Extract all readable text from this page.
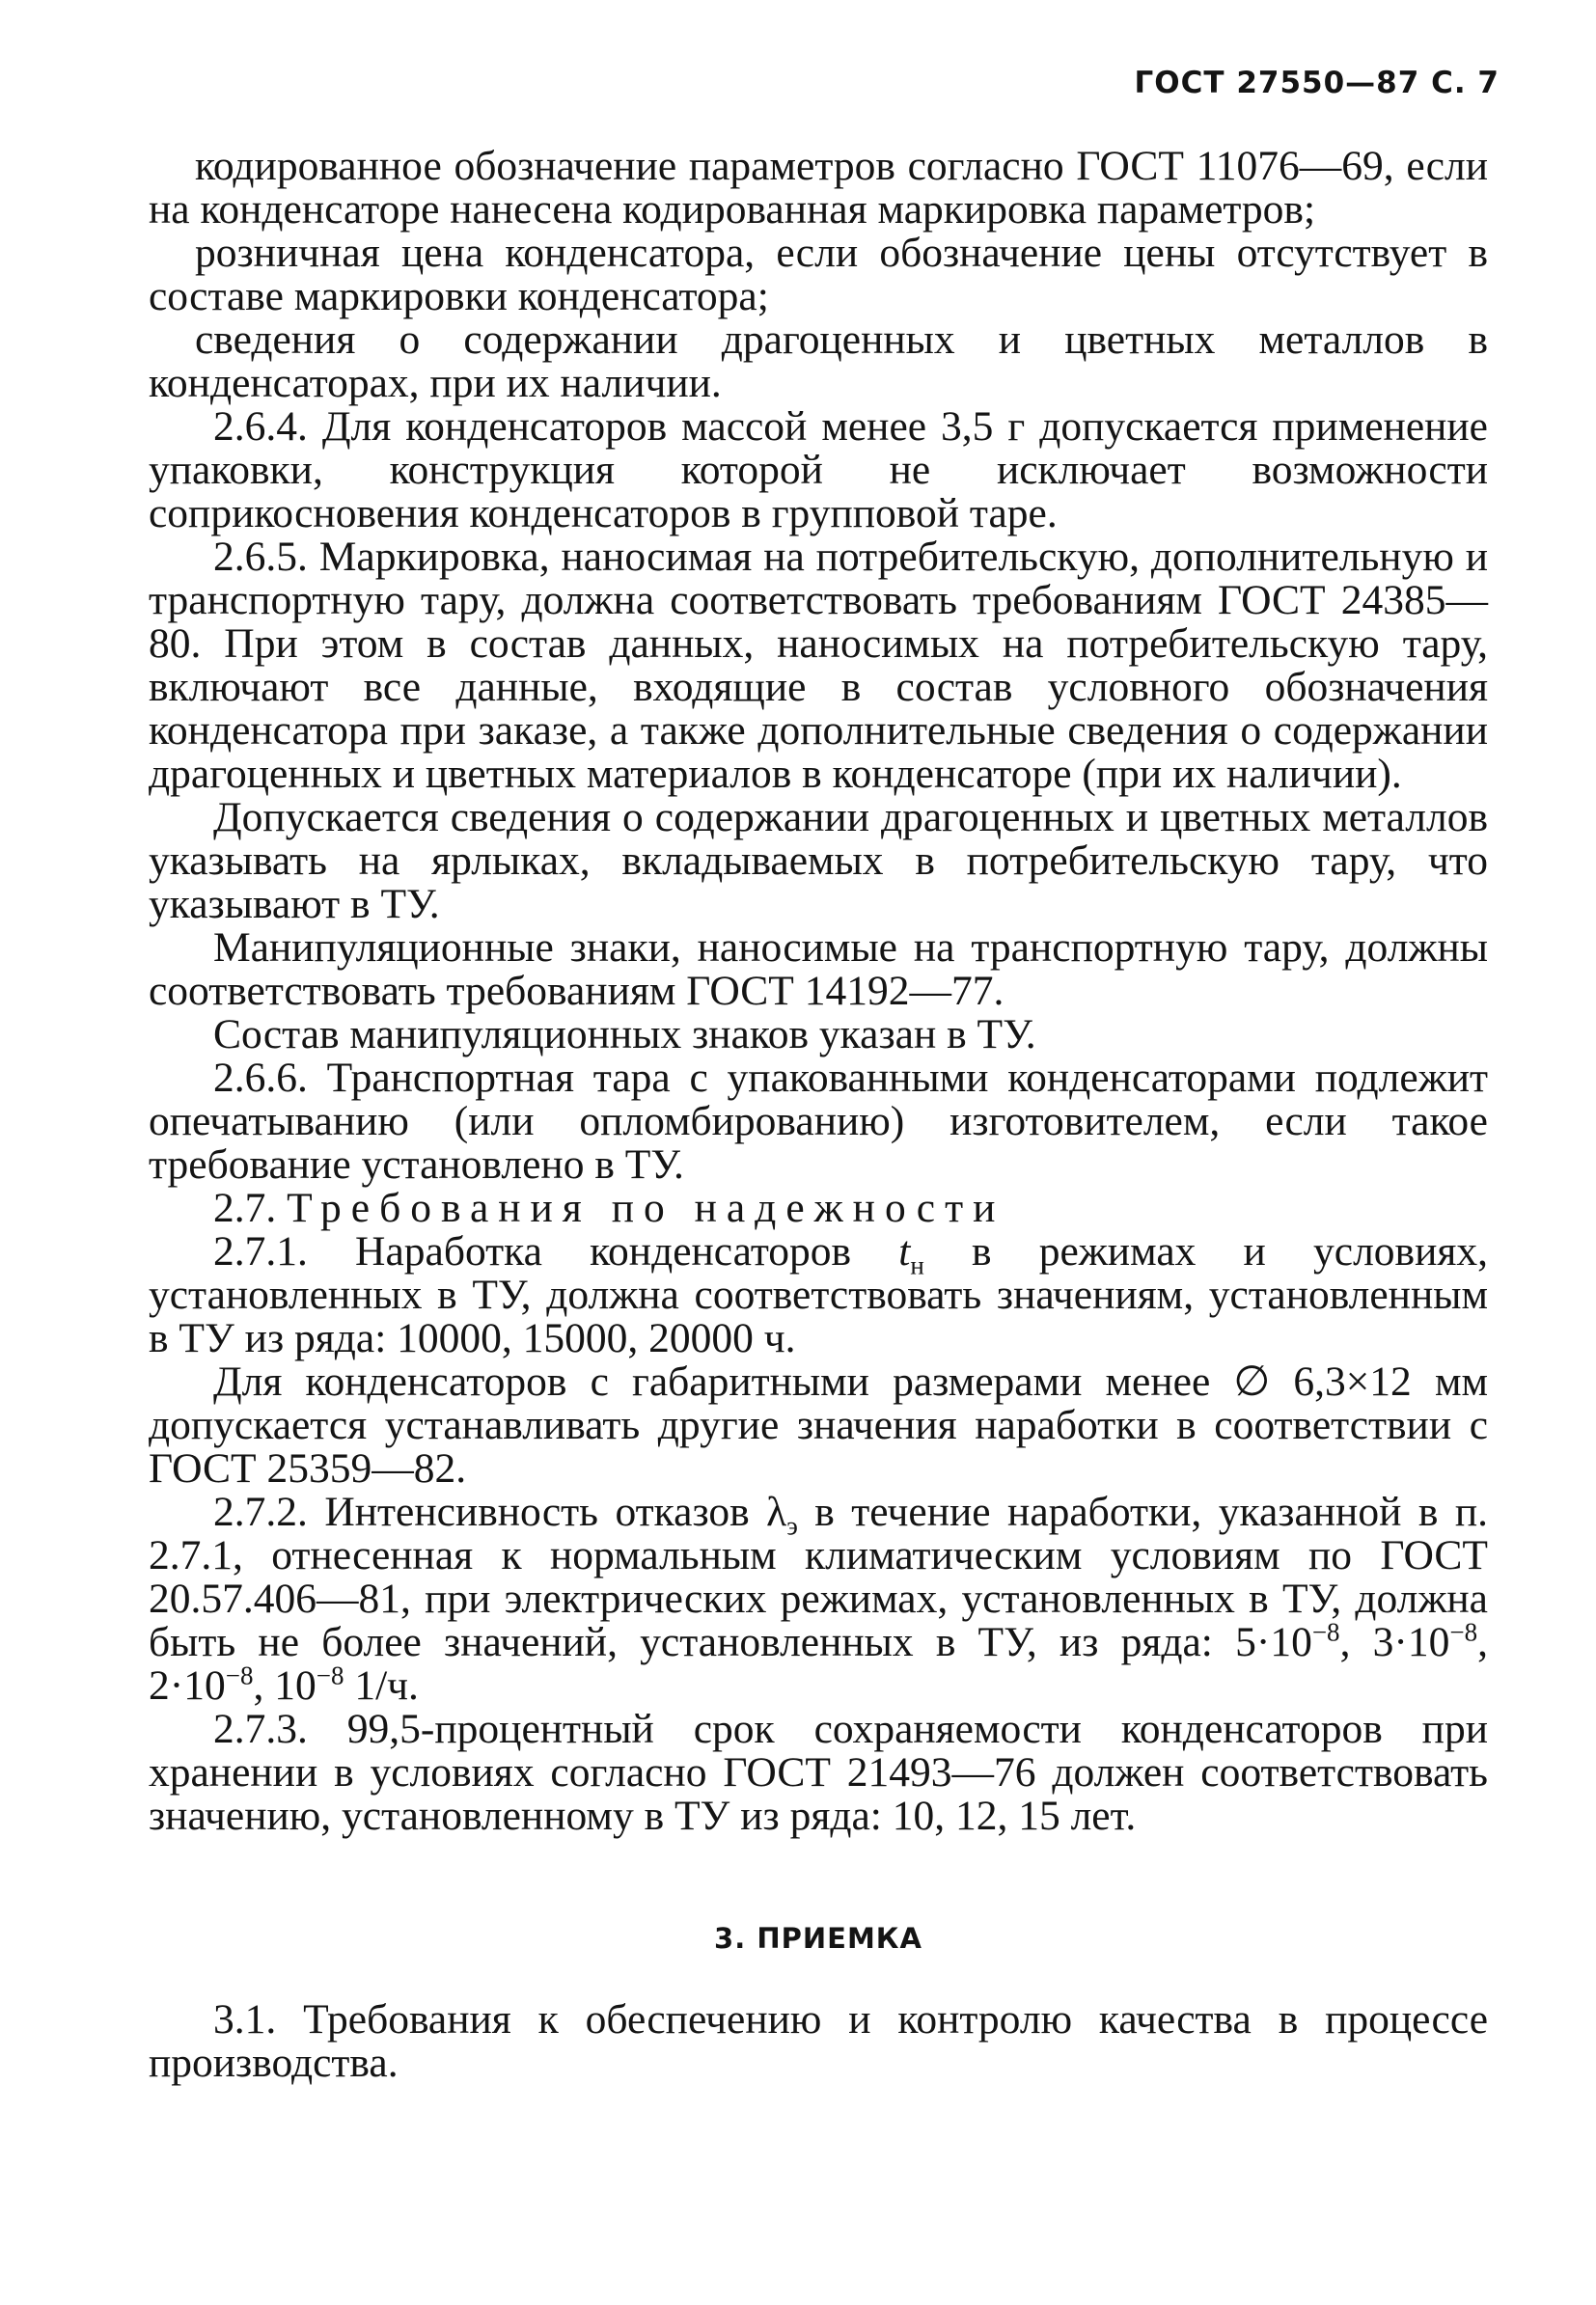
ГОСТ 27550—87 С. 7

кодированное обозначение параметров согласно ГОСТ 11076—69, если на конденсаторе нанесена кодированная маркировка параметров;

розничная цена конденсатора, если обозначение цены отсутствует в составе маркировки конденсатора;

сведения о содержании драгоценных и цветных металлов в конденсаторах, при их наличии.

2.6.4. Для конденсаторов массой менее 3,5 г допускается применение упаковки, конструкция которой не исключает возможности соприкосновения конденсаторов в групповой таре.

2.6.5. Маркировка, наносимая на потребительскую, дополнительную и транспортную тару, должна соответствовать требованиям ГОСТ 24385—80. При этом в состав данных, наносимых на потребительскую тару, включают все данные, входящие в состав условного обозначения конденсатора при заказе, а также дополнительные сведения о содержании драгоценных и цветных материалов в конденсаторе (при их наличии).

Допускается сведения о содержании драгоценных и цветных металлов указывать на ярлыках, вкладываемых в потребительскую тару, что указывают в ТУ.

Манипуляционные знаки, наносимые на транспортную тару, должны соответствовать требованиям ГОСТ 14192—77.

Состав манипуляционных знаков указан в ТУ.

2.6.6. Транспортная тара с упакованными конденсаторами подлежит опечатыванию (или опломбированию) изготовителем, если такое требование установлено в ТУ.

2.7. Требования по надежности

2.7.1. Наработка конденсаторов $t_н$ в режимах и условиях, установленных в ТУ, должна соответствовать значениям, установленным в ТУ из ряда: 10000, 15000, 20000 ч.

Для конденсаторов с габаритными размерами менее ∅ 6,3×12 мм допускается устанавливать другие значения наработки в соответствии с ГОСТ 25359—82.

2.7.2. Интенсивность отказов $\lambda_э$ в течение наработки, указанной в п. 2.7.1, отнесенная к нормальным климатическим условиям по ГОСТ 20.57.406—81, при электрических режимах, установленных в ТУ, должна быть не более значений, установленных в ТУ, из ряда: $5\cdot 10^{-8}$, $3\cdot 10^{-8}$, $2\cdot 10^{-8}$, $10^{-8}$ 1/ч.

2.7.3. 99,5-процентный срок сохраняемости конденсаторов при хранении в условиях согласно ГОСТ 21493—76 должен соответствовать значению, установленному в ТУ из ряда: 10, 12, 15 лет.

3. ПРИЕМКА

3.1. Требования к обеспечению и контролю качества в процессе производства.
